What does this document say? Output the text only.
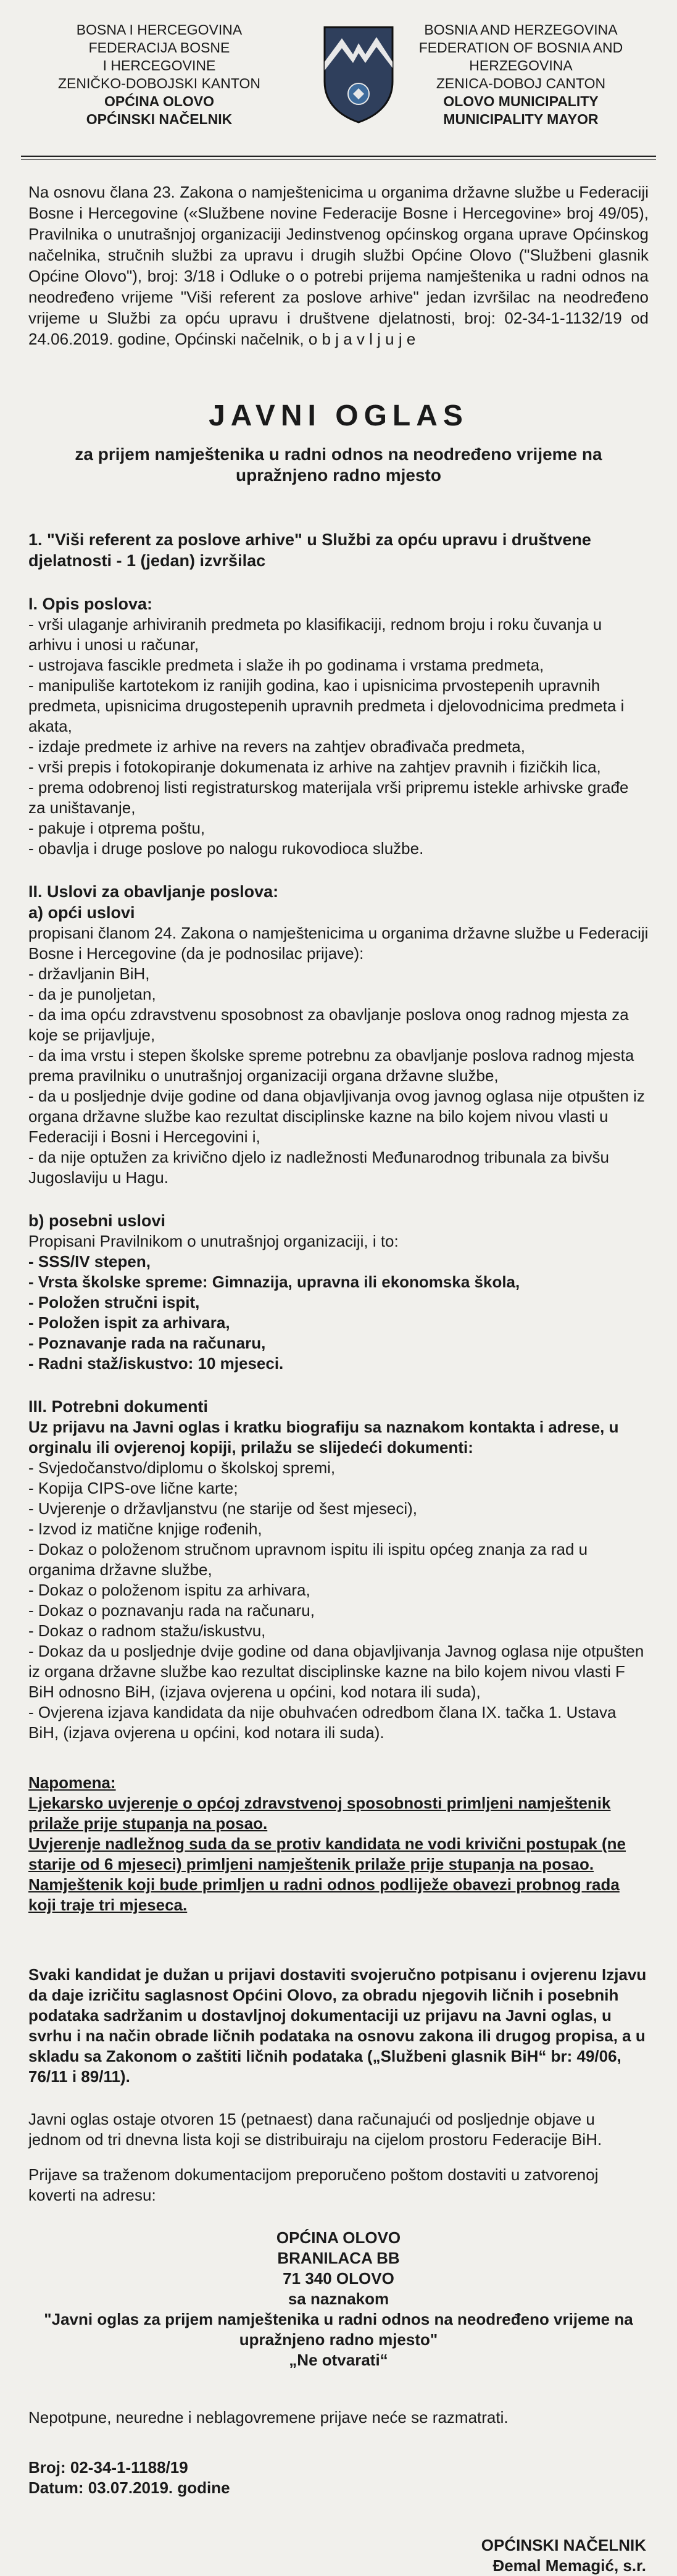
BOSNA I HERCEGOVINA
FEDERACIJA BOSNE
I HERCEGOVINE
ZENIČKO-DOBOJSKI KANTON
OPĆINA OLOVO
OPĆINSKI NAČELNIK
BOSNIA AND HERZEGOVINA
FEDERATION OF BOSNIA AND
HERZEGOVINA
ZENICA-DOBOJ CANTON
OLOVO MUNICIPALITY
MUNICIPALITY MAYOR

Na osnovu člana 23. Zakona o namještenicima u organima državne službe u Federaciji Bosne i Hercegovine («Službene novine Federacije Bosne i Hercegovine» broj 49/05), Pravilnika o unutrašnjoj organizaciji Jedinstvenog općinskog organa uprave Općinskog načelnika, stručnih službi za upravu i drugih službi Općine Olovo ("Službeni glasnik Općine Olovo"), broj: 3/18 i Odluke o o potrebi prijema namještenika u radni odnos na neodređeno vrijeme "Viši referent za poslove arhive" jedan izvršilac na neodređeno vrijeme u Službi za opću upravu i društvene djelatnosti, broj: 02-34-1-1132/19 od 24.06.2019. godine, Općinski načelnik, o b j a v l j u j e

JAVNI OGLAS
za prijem namještenika u radni odnos na neodređeno vrijeme na upražnjeno radno mjesto
1. "Viši referent za poslove arhive" u Službi za opću upravu i društvene djelatnosti - 1 (jedan) izvršilac
I. Opis poslova:
- vrši ulaganje arhiviranih predmeta po klasifikaciji, rednom broju i roku čuvanja u arhivu i unosi u računar,
- ustrojava fascikle predmeta i slaže ih po godinama i vrstama predmeta,
- manipuliše kartotekom iz ranijih godina, kao i upisnicima prvostepenih upravnih predmeta, upisnicima drugostepenih upravnih predmeta i djelovodnicima predmeta i akata,
- izdaje predmete iz arhive na revers na zahtjev obrađivača predmeta,
- vrši prepis i fotokopiranje dokumenata iz arhive na zahtjev pravnih i fizičkih lica,
- prema odobrenoj listi registraturskog materijala vrši pripremu istekle arhivske građe za uništavanje,
- pakuje i otprema poštu,
- obavlja i druge poslove po nalogu rukovodioca službe.
II. Uslovi za obavljanje poslova:
a) opći uslovi
propisani članom 24. Zakona o namještenicima u organima državne službe u Federaciji Bosne i Hercegovine (da je podnosilac prijave):
- državljanin BiH,
- da je punoljetan,
- da ima opću zdravstvenu sposobnost za obavljanje poslova onog radnog mjesta za koje se prijavljuje,
- da ima vrstu i stepen školske spreme potrebnu za obavljanje poslova radnog mjesta prema pravilniku o unutrašnjoj organizaciji organa državne službe,
- da u posljednje dvije godine od dana objavljivanja ovog javnog oglasa nije otpušten iz organa državne službe kao rezultat disciplinske kazne na bilo kojem nivou vlasti u Federaciji i Bosni i Hercegovini i,
- da nije optužen za krivično djelo iz nadležnosti Međunarodnog tribunala za bivšu Jugoslaviju u Hagu.
b) posebni uslovi
Propisani Pravilnikom o unutrašnjoj organizaciji, i to:
- SSS/IV stepen,
- Vrsta školske spreme: Gimnazija, upravna ili ekonomska škola,
- Položen stručni ispit,
- Položen ispit za arhivara,
- Poznavanje rada na računaru,
- Radni staž/iskustvo: 10 mjeseci.
III. Potrebni dokumenti
Uz prijavu na Javni oglas i kratku biografiju sa naznakom kontakta i adrese, u orginalu ili ovjerenoj kopiji, prilažu se slijedeći dokumenti:
- Svjedočanstvo/diplomu o školskoj spremi,
- Kopija CIPS-ove lične karte;
- Uvjerenje o državljanstvu (ne starije od šest mjeseci),
- Izvod iz matične knjige rođenih,
- Dokaz o položenom stručnom upravnom ispitu ili ispitu općeg znanja za rad u organima državne službe,
- Dokaz o položenom ispitu za arhivara,
- Dokaz o poznavanju rada na računaru,
- Dokaz o radnom stažu/iskustvu,
- Dokaz da u posljednje dvije godine od dana objavljivanja Javnog oglasa nije otpušten iz organa državne službe kao rezultat disciplinske kazne na bilo kojem nivou vlasti F BiH odnosno BiH, (izjava ovjerena u općini, kod notara ili suda),
- Ovjerena izjava kandidata da nije obuhvaćen odredbom člana IX. tačka 1. Ustava BiH, (izjava ovjerena u općini, kod notara ili suda).
Napomena:
Ljekarsko uvjerenje o općoj zdravstvenoj sposobnosti primljeni namještenik prilaže prije stupanja na posao.
Uvjerenje nadležnog suda da se protiv kandidata ne vodi krivični postupak (ne starije od 6 mjeseci) primljeni namještenik prilaže prije stupanja na posao.
Namještenik koji bude primljen u radni odnos podliježe obavezi probnog rada koji traje tri mjeseca.
Svaki kandidat je dužan u prijavi dostaviti svojeručno potpisanu i ovjerenu Izjavu da daje izričitu saglasnost Općini Olovo, za obradu njegovih ličnih i posebnih podataka sadržanim u dostavljnoj dokumentaciji uz prijavu na Javni oglas, u svrhu i na način obrade ličnih podataka na osnovu zakona ili drugog propisa, a u skladu sa Zakonom o zaštiti ličnih podataka („Službeni glasnik BiH“ br: 49/06, 76/11 i 89/11).
Javni oglas ostaje otvoren 15 (petnaest) dana računajući od posljednje objave u jednom od tri dnevna lista koji se distribuiraju na cijelom prostoru Federacije BiH.
Prijave sa traženom dokumentacijom preporučeno poštom dostaviti u zatvorenoj koverti na adresu:
OPĆINA OLOVO
BRANILACA BB
71 340 OLOVO
sa naznakom
"Javni oglas za prijem namještenika u radni odnos na neodređeno vrijeme na upražnjeno radno mjesto"
„Ne otvarati“
Nepotpune, neuredne i neblagovremene prijave neće se razmatrati.
Broj: 02-34-1-1188/19
Datum: 03.07.2019. godine
OPĆINSKI NAČELNIK
Đemal Memagić, s.r.
